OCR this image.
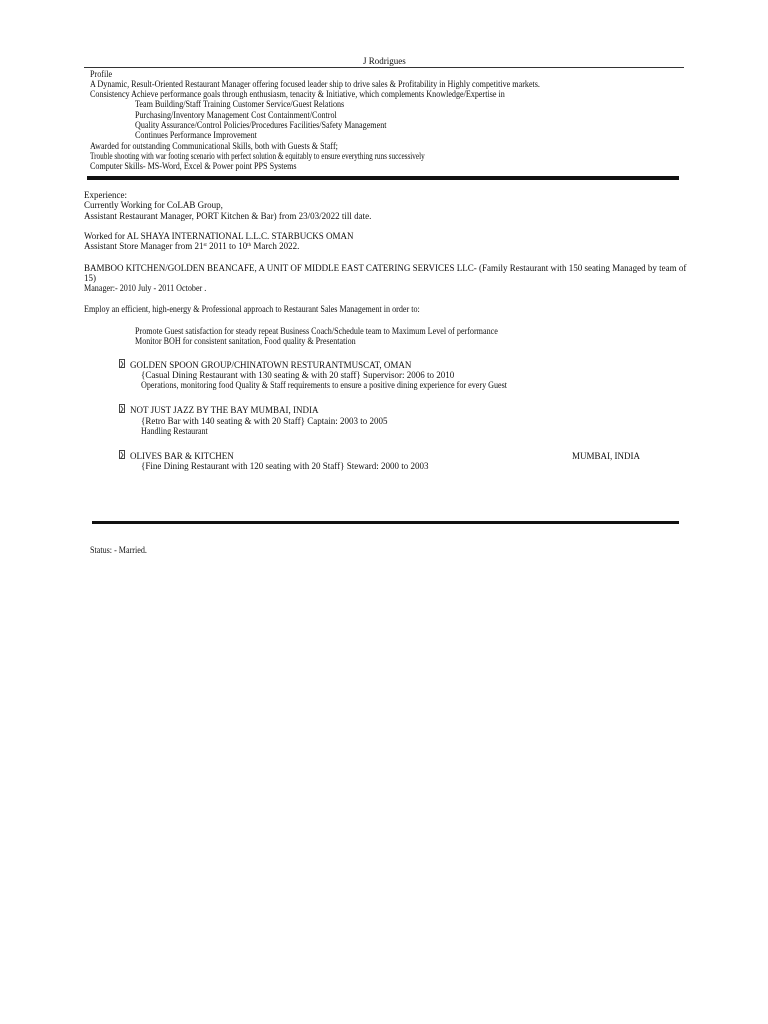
J Rodrigues
Profile
A Dynamic, Result-Oriented Restaurant Manager offering focused leader ship to drive sales & Profitability in Highly competitive markets.
Consistency Achieve performance goals through enthusiasm, tenacity & Initiative, which complements Knowledge/Expertise in
Team Building/Staff Training Customer Service/Guest Relations
Purchasing/Inventory Management Cost Containment/Control
Quality Assurance/Control Policies/Procedures Facilities/Safety Management
Continues Performance Improvement
Awarded for outstanding Communicational Skills, both with Guests & Staff;
Trouble shooting with war footing scenario with perfect solution & equitably to ensure everything runs successively
Computer Skills- MS-Word, Excel & Power point PPS Systems
Experience:
Currently Working for CoLAB Group,
Assistant Restaurant Manager, PORT Kitchen & Bar) from 23/03/2022 till date.
Worked for AL SHAYA INTERNATIONAL L.L.C. STARBUCKS OMAN
Assistant Store Manager from 21st 2011 to 10th March 2022.
BAMBOO KITCHEN/GOLDEN BEANCAFE, A UNIT OF MIDDLE EAST CATERING SERVICES LLC- (Family Restaurant with 150 seating Managed by team of
15)
Manager:- 2010 July - 2011 October .
Employ an efficient, high-energy & Professional approach to Restaurant Sales Management in order to:
Promote Guest satisfaction for steady repeat Business Coach/Schedule team to Maximum Level of performance
Monitor BOH for consistent sanitation, Food quality & Presentation
GOLDEN SPOON GROUP/CHINATOWN RESTURANTMUSCAT, OMAN
{Casual Dining Restaurant with 130 seating & with 20 staff} Supervisor: 2006 to 2010
Operations, monitoring food Quality & Staff requirements to ensure a positive dining experience for every Guest
NOT JUST JAZZ BY THE BAY MUMBAI, INDIA
{Retro Bar with 140 seating & with 20 Staff} Captain: 2003 to 2005
Handling Restaurant
OLIVES BAR & KITCHEN	MUMBAI, INDIA
{Fine Dining Restaurant with 120 seating with 20 Staff} Steward: 2000 to 2003
Status: - Married.
